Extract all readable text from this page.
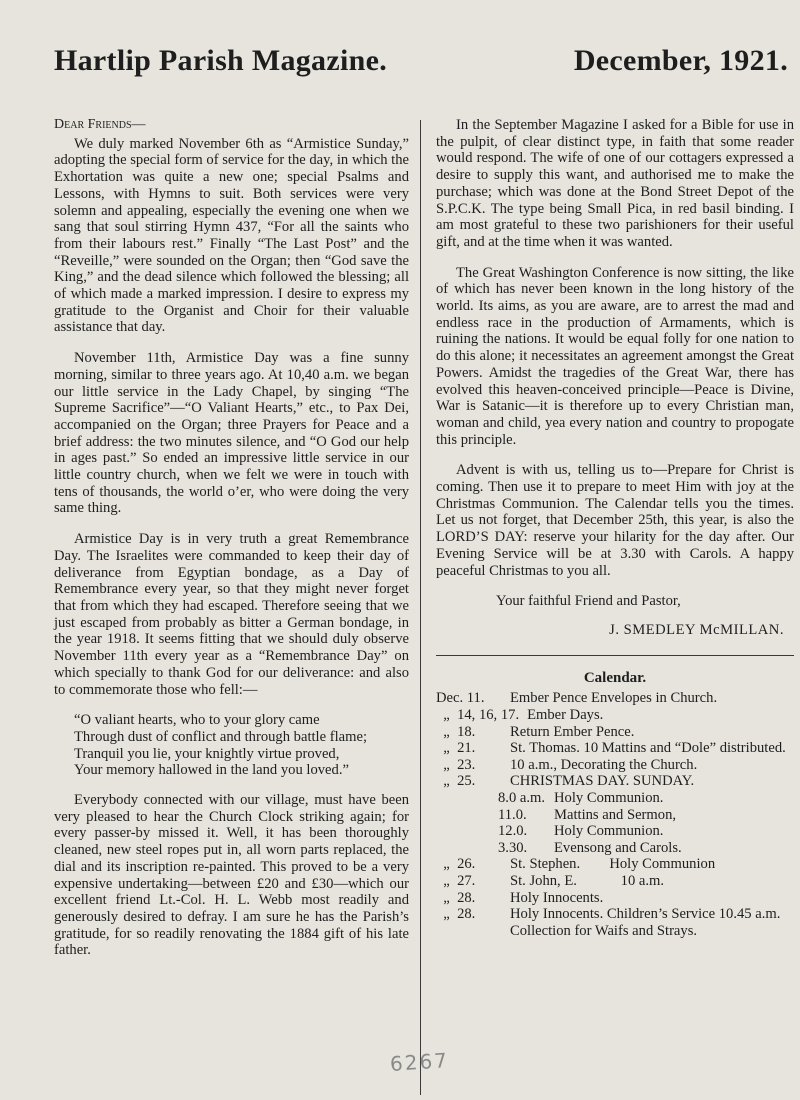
Hartlip Parish Magazine.	December, 1921.

Dear Friends—

We duly marked November 6th as “Armistice Sunday,” adopting the special form of service for the day, in which the Exhortation was quite a new one; special Psalms and Lessons, with Hymns to suit. Both services were very solemn and appealing, especially the evening one when we sang that soul stirring Hymn 437, “For all the saints who from their labours rest.” Finally “The Last Post” and the “Reveille,” were sounded on the Organ; then “God save the King,” and the dead silence which followed the blessing; all of which made a marked impression. I desire to express my gratitude to the Organist and Choir for their valuable assistance that day.

November 11th, Armistice Day was a fine sunny morning, similar to three years ago. At 10,40 a.m. we began our little service in the Lady Chapel, by singing “The Supreme Sacrifice”—“O Valiant Hearts,” etc., to Pax Dei, accompanied on the Organ; three Prayers for Peace and a brief address: the two minutes silence, and “O God our help in ages past.” So ended an impressive little service in our little country church, when we felt we were in touch with tens of thousands, the world o’er, who were doing the very same thing.

Armistice Day is in very truth a great Remembrance Day. The Israelites were commanded to keep their day of deliverance from Egyptian bondage, as a Day of Remembrance every year, so that they might never forget that from which they had escaped. Therefore seeing that we just escaped from probably as bitter a German bondage, in the year 1918. It seems fitting that we should duly observe November 11th every year as a “Remembrance Day” on which specially to thank God for our deliverance: and also to commemorate those who fell:—

“O valiant hearts, who to your glory came
Through dust of conflict and through battle flame;
Tranquil you lie, your knightly virtue proved,
Your memory hallowed in the land you loved.”

Everybody connected with our village, must have been very pleased to hear the Church Clock striking again; for every passer-by missed it. Well, it has been thoroughly cleaned, new steel ropes put in, all worn parts replaced, the dial and its inscription re-painted. This proved to be a very expensive undertaking—between £20 and £30—which our excellent friend Lt.-Col. H. L. Webb most readily and generously desired to defray. I am sure he has the Parish’s gratitude, for so readily renovating the 1884 gift of his late father.

In the September Magazine I asked for a Bible for use in the pulpit, of clear distinct type, in faith that some reader would respond. The wife of one of our cottagers expressed a desire to supply this want, and authorised me to make the purchase; which was done at the Bond Street Depot of the S.P.C.K. The type being Small Pica, in red basil binding. I am most grateful to these two parishioners for their useful gift, and at the time when it was wanted.

The Great Washington Conference is now sitting, the like of which has never been known in the long history of the world. Its aims, as you are aware, are to arrest the mad and endless race in the production of Armaments, which is ruining the nations. It would be equal folly for one nation to do this alone; it necessitates an agreement amongst the Great Powers. Amidst the tragedies of the Great War, there has evolved this heaven-conceived principle—Peace is Divine, War is Satanic—it is therefore up to every Christian man, woman and child, yea every nation and country to propogate this principle.

Advent is with us, telling us to—Prepare for Christ is coming. Then use it to prepare to meet Him with joy at the Christmas Communion. The Calendar tells you the times. Let us not forget, that December 25th, this year, is also the LORD’S DAY: reserve your hilarity for the day after. Our Evening Service will be at 3.30 with Carols. A happy peaceful Christmas to you all.

Your faithful Friend and Pastor,

J. SMEDLEY McMILLAN.

Calendar.
Dec. 11.	Ember Pence Envelopes in Church.
„  14, 16, 17. Ember Days.
„  18.	Return Ember Pence.
„  21.	St. Thomas. 10 Mattins and “Dole” distributed.
„  23.	10 a.m., Decorating the Church.
„  25.	CHRISTMAS DAY. SUNDAY.
8.0 a.m. Holy Communion.
11.0.	Mattins and Sermon,
12.0.	Holy Communion.
3.30.	Evensong and Carols.
„  26.	St. Stephen.        Holy Communion
„  27.	St. John, E.            10 a.m.
„  28.	Holy Innocents.
„  28.	Holy Innocents. Children’s Service 10.45 a.m. Collection for Waifs and Strays.
6267
